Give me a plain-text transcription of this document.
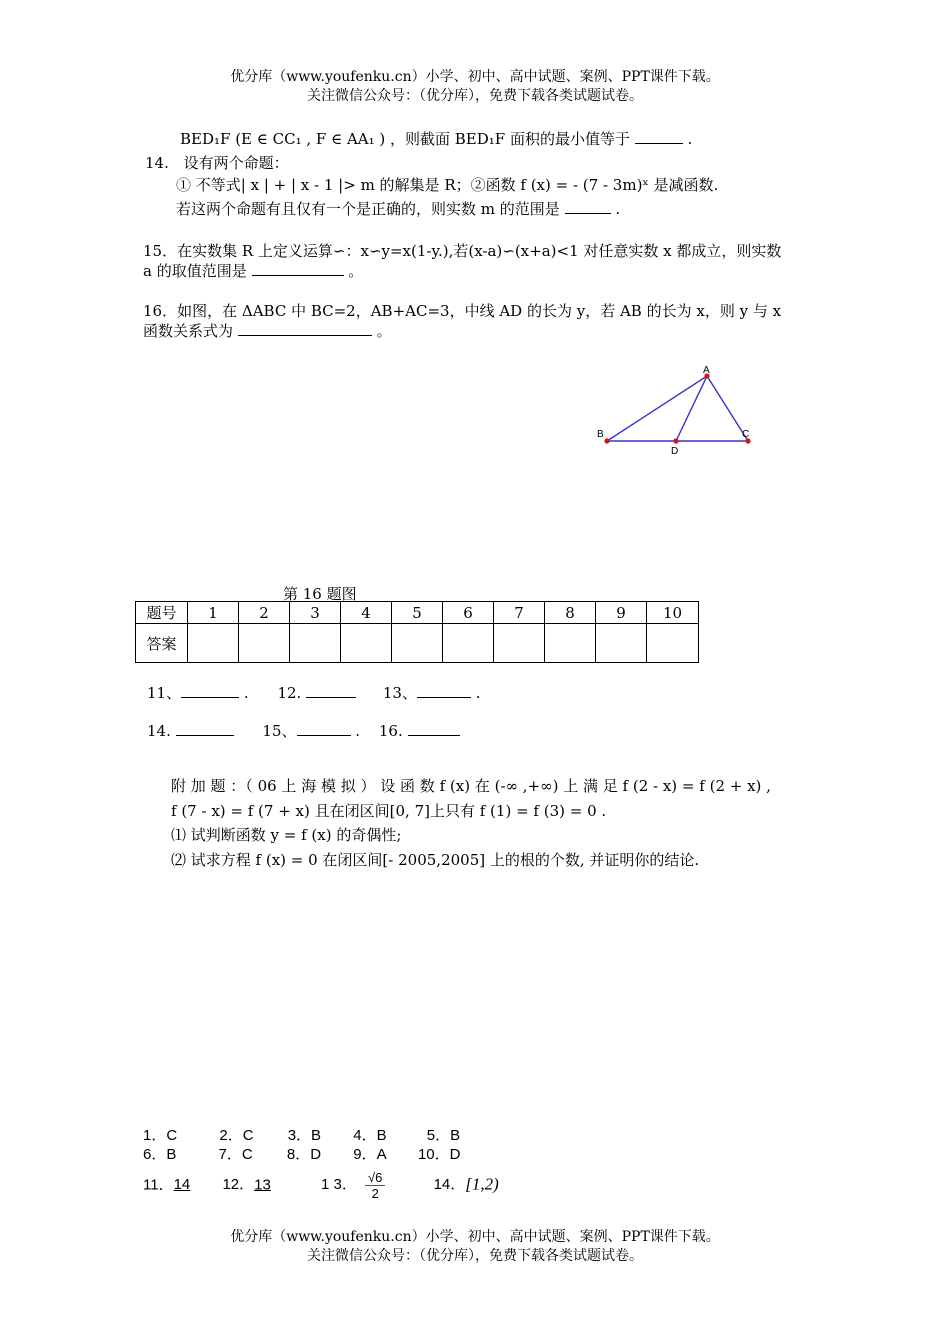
优分库（www.youfenku.cn）小学、初中、高中试题、案例、PPT课件下载。
关注微信公众号：（优分库），免费下载各类试题试卷。
BED₁F (E ∈ CC₁ , F ∈ AA₁ ) ，则截面 BED₁F 面积的最小值等于	.
14. 设有两个命题：
① 不等式| x | + | x - 1 |> m 的解集是 R；②函数 f (x) = - (7 - 3m)ˣ 是减函数.
若这两个命题有且仅有一个是正确的，则实数 m 的范围是	.
15．在实数集 R 上定义运算∽：x∽y=x(1-y.),若(x-a)∽(x+a)<1 对任意实数 x 都成立，则实数
a 的取值范围是	。
16．如图，在 ΔABC 中 BC=2，AB+AC=3，中线 AD 的长为 y，若 AB 的长为 x，则 y 与 x
函数关系式为	。
A
B	C
D
第 16 题图
题号	1	2	3	4	5	6	7	8	9	10
答案										
11、	. 12.	13、	.
14.	15、	. 16.
附 加 题 ：（ 06 上 海 模 拟 ） 设 函 数 f (x) 在 (-∞ ,+∞) 上 满 足 f (2 - x) = f (2 + x) ,
f (7 - x) = f (7 + x) 且在闭区间[0, 7]上只有 f (1) = f (3) = 0 .
⑴ 试判断函数 y = f (x) 的奇偶性;
⑵ 试求方程 f (x) = 0 在闭区间[- 2005,2005] 上的根的个数, 并证明你的结论.
1．C	2．C 3．B 4．B	5．B
6．B	7．C 8．D 9．A 10．D
11．14 12．13	1 3． $\frac{√6}{2}$	14．[1,2)
优分库（www.youfenku.cn）小学、初中、高中试题、案例、PPT课件下载。
关注微信公众号：（优分库），免费下载各类试题试卷。
